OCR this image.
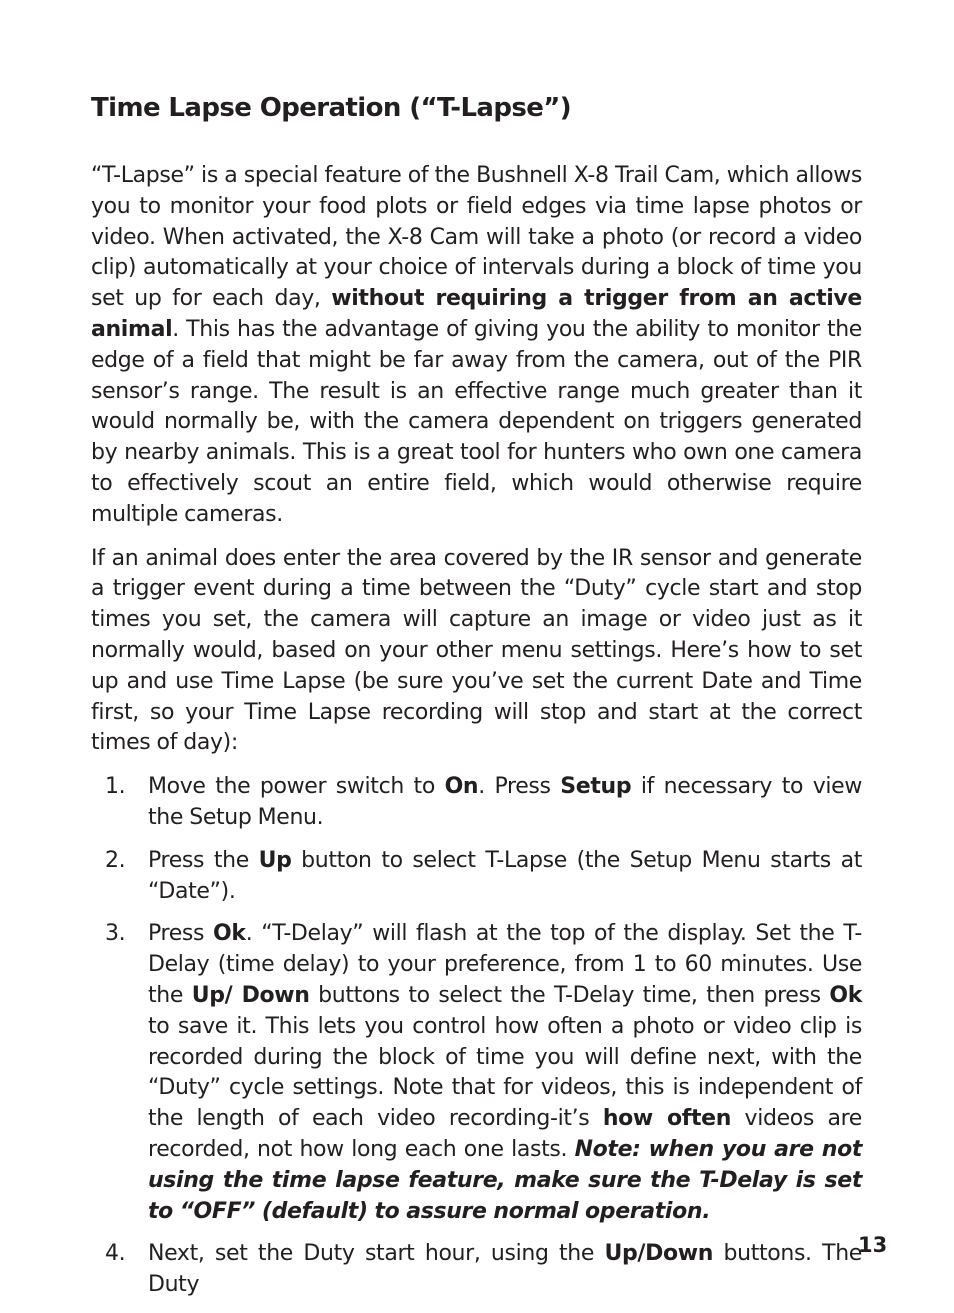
Time Lapse Operation (“T-Lapse”)

“T-Lapse” is a special feature of the Bushnell X-8 Trail Cam, which allows you to monitor your food plots or field edges via time lapse photos or video. When activated, the X-8 Cam will take a photo (or record a video clip) automatically at your choice of intervals during a block of time you set up for each day, without requiring a trigger from an active animal. This has the advantage of giving you the ability to monitor the edge of a field that might be far away from the camera, out of the PIR sensor’s range. The result is an effective range much greater than it would normally be, with the camera dependent on triggers generated by nearby animals. This is a great tool for hunters who own one camera to effectively scout an entire field, which would otherwise require multiple cameras.

If an animal does enter the area covered by the IR sensor and generate a trigger event during a time between the “Duty” cycle start and stop times you set, the camera will capture an image or video just as it normally would, based on your other menu settings. Here’s how to set up and use Time Lapse (be sure you’ve set the current Date and Time first, so your Time Lapse recording will stop and start at the correct times of day):

1.	Move the power switch to On. Press Setup if necessary to view the Setup Menu.
2.	Press the Up button to select T-Lapse (the Setup Menu starts at “Date”).
3.	Press Ok. “T-Delay” will flash at the top of the display. Set the T-Delay (time delay) to your preference, from 1 to 60 minutes. Use the Up/ Down buttons to select the T-Delay time, then press Ok to save it. This lets you control how often a photo or video clip is recorded during the block of time you will define next, with the “Duty” cycle settings. Note that for videos, this is independent of the length of each video recording-it’s how often videos are recorded, not how long each one lasts. Note: when you are not using the time lapse feature, make sure the T-Delay is set to “OFF” (default) to assure normal operation.
4.	Next, set the Duty start hour, using the Up/Down buttons. The Duty
13
